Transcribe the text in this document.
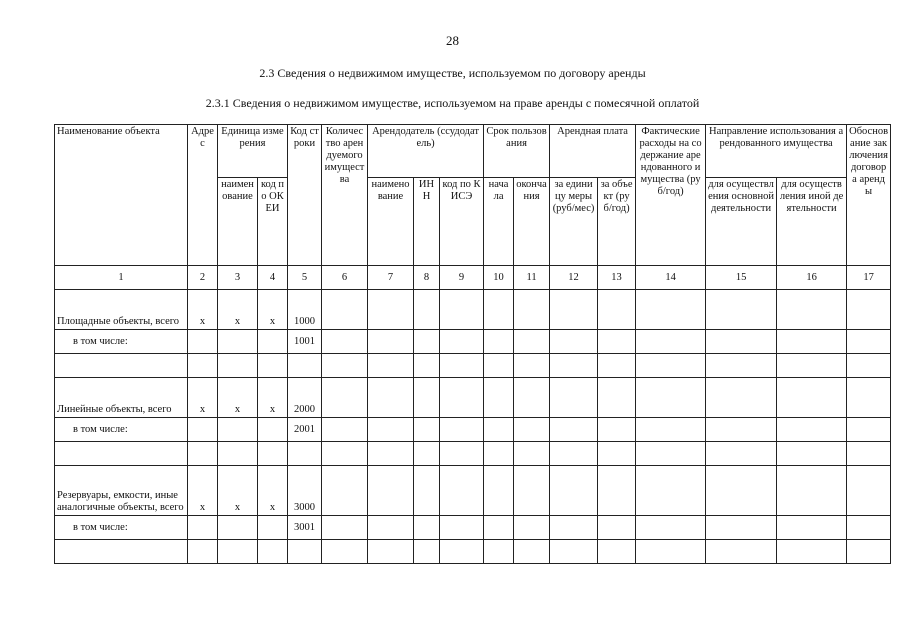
28
2.3 Сведения о недвижимом имуществе, используемом по договору аренды
2.3.1 Сведения о недвижимом имуществе, используемом на праве аренды с помесячной оплатой
Наименование объекта	Адрес	Единица измерения		Код строки	Количество арендуемого имущества	Арендодатель (ссудодатель)			Срок пользования		Арендная плата		Фактические расходы на содержание арендованного имущества (руб/год)	Направление использования арендованного имущества		Обоснование заключения договора аренды
		наименование	код по ОКЕИ			наименование	ИНН	код по КИСЭ	начала	окончания	за единицу меры (руб/мес)	за объект (руб/год)		для осуществления основной деятельности	для осуществления иной деятельности	
1	2	3	4	5	6	7	8	9	10	11	12	13	14	15	16	17
Площадные объекты, всего	x	x	x	1000												
в том числе:				1001												

Линейные объекты, всего	x	x	x	2000												
в том числе:				2001												

Резервуары, емкости, иные аналогичные объекты, всего	x	x	x	3000												
в том числе:				3001												
